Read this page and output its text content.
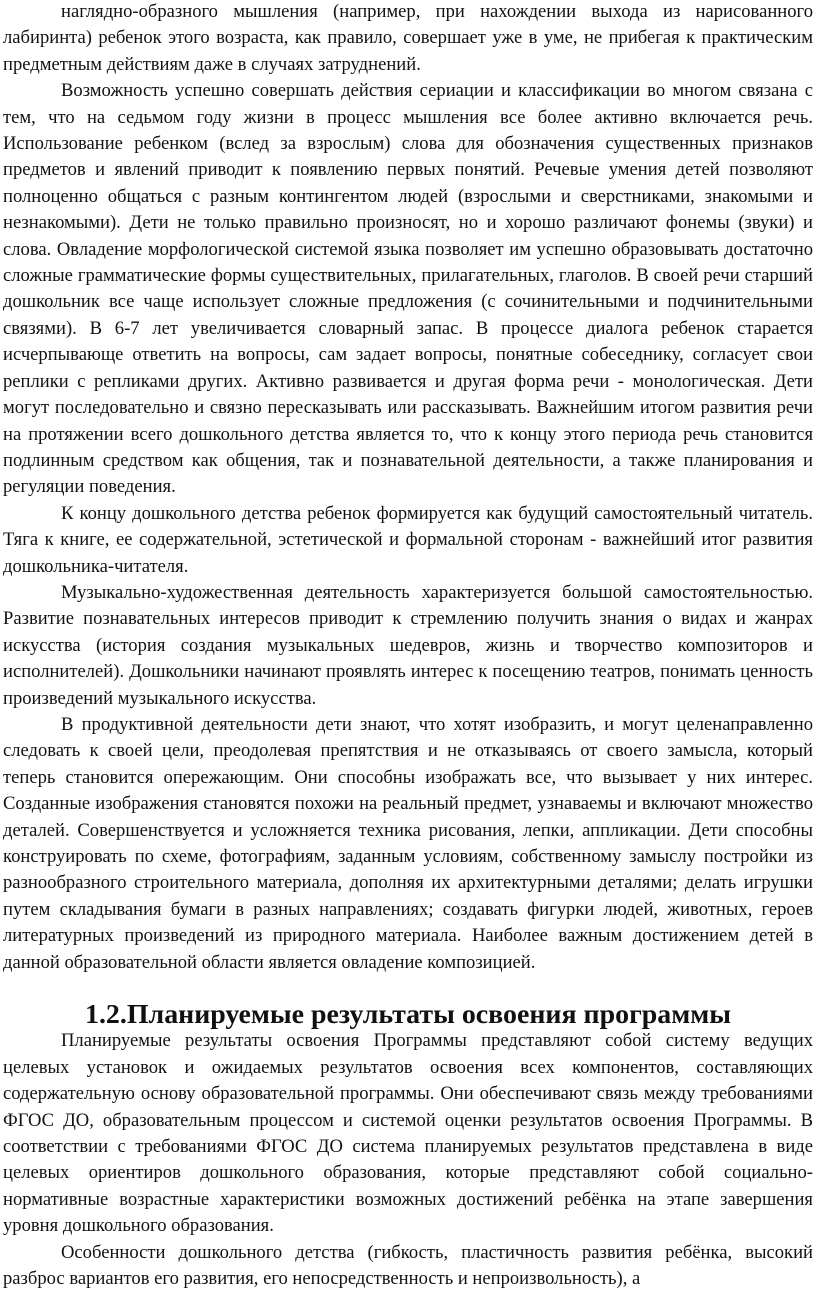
наглядно-образного мышления (например, при нахождении выхода из нарисованного лабиринта) ребенок этого возраста, как правило, совершает уже в уме, не прибегая к практическим предметным действиям даже в случаях затруднений.

Возможность успешно совершать действия сериации и классификации во многом связана с тем, что на седьмом году жизни в процесс мышления все более активно включается речь. Использование ребенком (вслед за взрослым) слова для обозначения существенных признаков предметов и явлений приводит к появлению первых понятий. Речевые умения детей позволяют полноценно общаться с разным контингентом людей (взрослыми и сверстниками, знакомыми и незнакомыми). Дети не только правильно произносят, но и хорошо различают фонемы (звуки) и слова. Овладение морфологической системой языка позволяет им успешно образовывать достаточно сложные грамматические формы существительных, прилагательных, глаголов. В своей речи старший дошкольник все чаще использует сложные предложения (с сочинительными и подчинительными связями). В 6-7 лет увеличивается словарный запас. В процессе диалога ребенок старается исчерпывающе ответить на вопросы, сам задает вопросы, понятные собеседнику, согласует свои реплики с репликами других. Активно развивается и другая форма речи - монологическая. Дети могут последовательно и связно пересказывать или рассказывать. Важнейшим итогом развития речи на протяжении всего дошкольного детства является то, что к концу этого периода речь становится подлинным средством как общения, так и познавательной деятельности, а также планирования и регуляции поведения.

К концу дошкольного детства ребенок формируется как будущий самостоятельный читатель. Тяга к книге, ее содержательной, эстетической и формальной сторонам - важнейший итог развития дошкольника-читателя.

Музыкально-художественная деятельность характеризуется большой самостоятельностью. Развитие познавательных интересов приводит к стремлению получить знания о видах и жанрах искусства (история создания музыкальных шедевров, жизнь и творчество композиторов и исполнителей). Дошкольники начинают проявлять интерес к посещению театров, понимать ценность произведений музыкального искусства.

В продуктивной деятельности дети знают, что хотят изобразить, и могут целенаправленно следовать к своей цели, преодолевая препятствия и не отказываясь от своего замысла, который теперь становится опережающим. Они способны изображать все, что вызывает у них интерес. Созданные изображения становятся похожи на реальный предмет, узнаваемы и включают множество деталей. Совершенствуется и усложняется техника рисования, лепки, аппликации. Дети способны конструировать по схеме, фотографиям, заданным условиям, собственному замыслу постройки из разнообразного строительного материала, дополняя их архитектурными деталями; делать игрушки путем складывания бумаги в разных направлениях; создавать фигурки людей, животных, героев литературных произведений из природного материала. Наиболее важным достижением детей в данной образовательной области является овладение композицией.

1.2.Планируемые результаты освоения программы

Планируемые результаты освоения Программы представляют собой систему ведущих целевых установок и ожидаемых результатов освоения всех компонентов, составляющих содержательную основу образовательной программы. Они обеспечивают связь между требованиями ФГОС ДО, образовательным процессом и системой оценки результатов освоения Программы. В соответствии с требованиями ФГОС ДО система планируемых результатов представлена в виде целевых ориентиров дошкольного образования, которые представляют собой социально-нормативные возрастные характеристики возможных достижений ребёнка на этапе завершения уровня дошкольного образования.

Особенности дошкольного детства (гибкость, пластичность развития ребёнка, высокий разброс вариантов его развития, его непосредственность и непроизвольность), а
